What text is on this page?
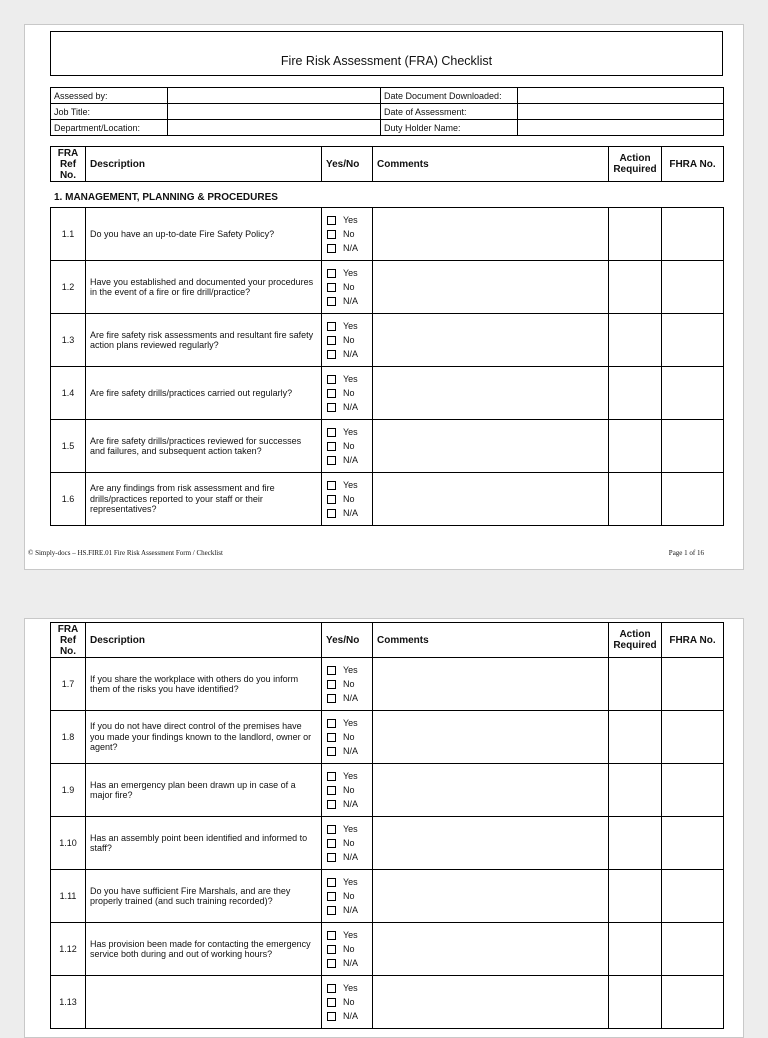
Fire Risk Assessment (FRA) Checklist
Assessed by:		Date Document Downloaded:	
Job Title:		Date of Assessment:	
Department/Location:		Duty Holder Name:	
FRA Ref No.	Description	Yes/No	Comments	Action Required	FHRA No.
1. MANAGEMENT, PLANNING & PROCEDURES
1.1	Do you have an up-to-date Fire Safety Policy?	Yes
No
N/A			

1.2	Have you established and documented your procedures in the event of a fire or fire drill/practice?	Yes
No
N/A			

1.3	Are fire safety risk assessments and resultant fire safety action plans reviewed regularly?	Yes
No
N/A			

1.4	Are fire safety drills/practices carried out regularly?	Yes
No
N/A			

1.5	Are fire safety drills/practices reviewed for successes and failures, and subsequent action taken?	Yes
No
N/A			

1.6	Are any findings from risk assessment and fire drills/practices reported to your staff or their representatives?	Yes
No
N/A			

© Simply-docs – HS.FIRE.01 Fire Risk Assessment Form / Checklist	Page 1 of 16
FRA Ref No.	Description	Yes/No	Comments	Action Required	FHRA No.
1.7	If you share the workplace with others do you inform them of the risks you have identified?	Yes
No
N/A			

1.8	If you do not have direct control of the premises have you made your findings known to the landlord, owner or agent?	Yes
No
N/A			

1.9	Has an emergency plan been drawn up in case of a major fire?	Yes
No
N/A			

1.10	Has an assembly point been identified and informed to staff?	Yes
No
N/A			

1.11	Do you have sufficient Fire Marshals, and are they properly trained (and such training recorded)?	Yes
No
N/A			

1.12	Has provision been made for contacting the emergency service both during and out of working hours?	Yes
No
N/A			

1.13		Yes
No
N/A			
